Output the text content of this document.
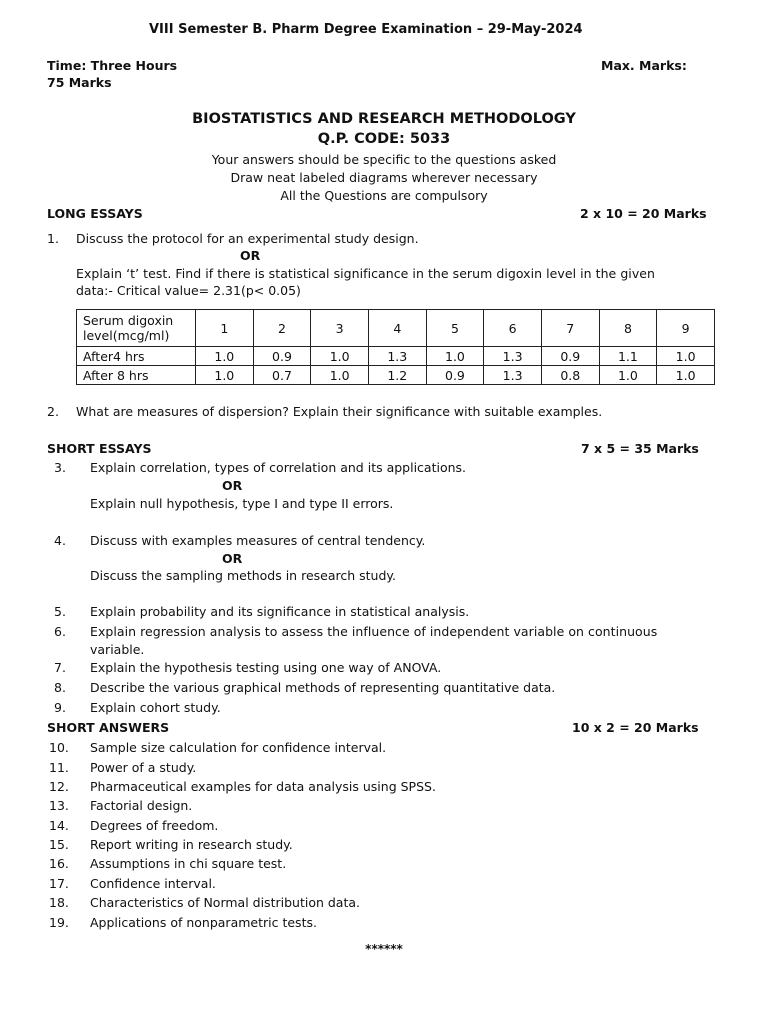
VIII Semester B. Pharm Degree Examination – 29-May-2024
Time: Three Hours	Max. Marks:
75 Marks
BIOSTATISTICS AND RESEARCH METHODOLOGY
Q.P. CODE: 5033
Your answers should be specific to the questions asked
Draw neat labeled diagrams wherever necessary
All the Questions are compulsory
LONG ESSAYS	2 x 10 = 20 Marks
1. Discuss the protocol for an experimental study design.
OR
Explain ‘t’ test. Find if there is statistical significance in the serum digoxin level in the given
data:- Critical value= 2.31(p< 0.05)
Serum digoxin
level(mcg/ml)	1	2	3	4	5	6	7	8	9
After4 hrs	1.0	0.9	1.0	1.3	1.0	1.3	0.9	1.1	1.0
After 8 hrs	1.0	0.7	1.0	1.2	0.9	1.3	0.8	1.0	1.0
2. What are measures of dispersion? Explain their significance with suitable examples.
SHORT ESSAYS	7 x 5 = 35 Marks
3. Explain correlation, types of correlation and its applications.
OR
Explain null hypothesis, type I and type II errors.
4. Discuss with examples measures of central tendency.
OR
Discuss the sampling methods in research study.
5. Explain probability and its significance in statistical analysis.
6. Explain regression analysis to assess the influence of independent variable on continuous
variable.
7. Explain the hypothesis testing using one way of ANOVA.
8. Describe the various graphical methods of representing quantitative data.
9. Explain cohort study.
SHORT ANSWERS	10 x 2 = 20 Marks
10. Sample size calculation for confidence interval.
11. Power of a study.
12. Pharmaceutical examples for data analysis using SPSS.
13. Factorial design.
14. Degrees of freedom.
15. Report writing in research study.
16. Assumptions in chi square test.
17. Confidence interval.
18. Characteristics of Normal distribution data.
19. Applications of nonparametric tests.
******
